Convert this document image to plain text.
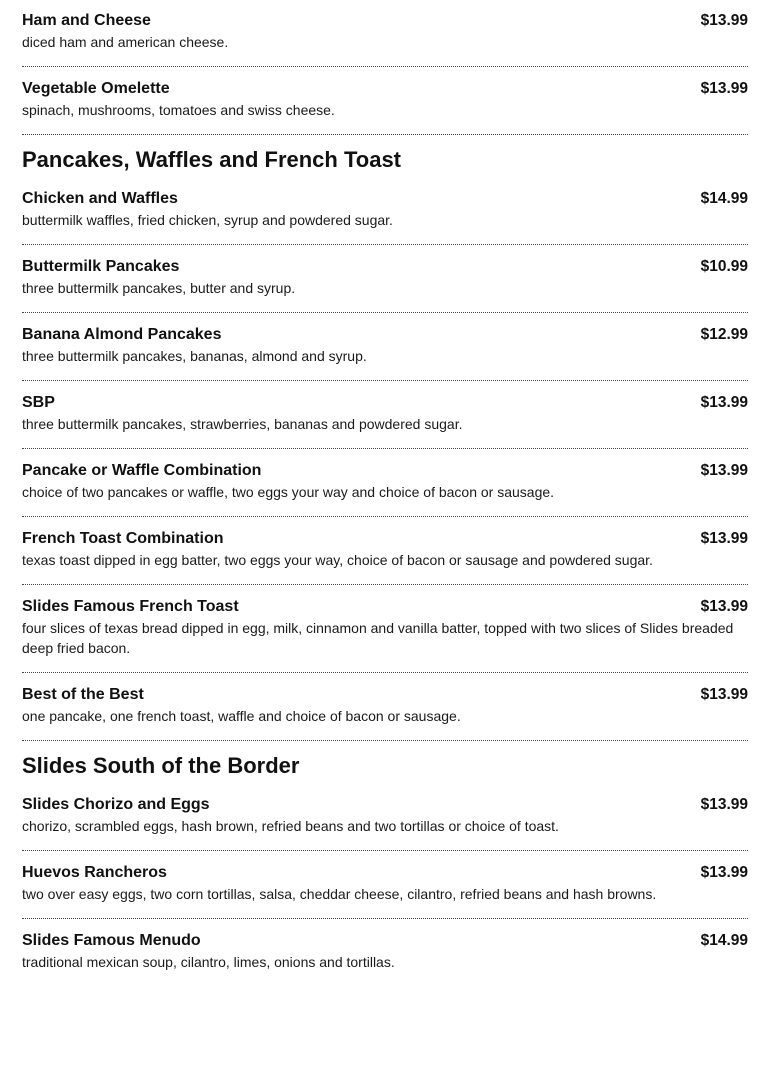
Ham and Cheese	$13.99
diced ham and american cheese.
Vegetable Omelette	$13.99
spinach, mushrooms, tomatoes and swiss cheese.
Pancakes, Waffles and French Toast
Chicken and Waffles	$14.99
buttermilk waffles, fried chicken, syrup and powdered sugar.
Buttermilk Pancakes	$10.99
three buttermilk pancakes, butter and syrup.
Banana Almond Pancakes	$12.99
three buttermilk pancakes, bananas, almond and syrup.
SBP	$13.99
three buttermilk pancakes, strawberries, bananas and powdered sugar.
Pancake or Waffle Combination	$13.99
choice of two pancakes or waffle, two eggs your way and choice of bacon or sausage.
French Toast Combination	$13.99
texas toast dipped in egg batter, two eggs your way, choice of bacon or sausage and powdered sugar.
Slides Famous French Toast	$13.99
four slices of texas bread dipped in egg, milk, cinnamon and vanilla batter, topped with two slices of Slides breaded deep fried bacon.
Best of the Best	$13.99
one pancake, one french toast, waffle and choice of bacon or sausage.
Slides South of the Border
Slides Chorizo and Eggs	$13.99
chorizo, scrambled eggs, hash brown, refried beans and two tortillas or choice of toast.
Huevos Rancheros	$13.99
two over easy eggs, two corn tortillas, salsa, cheddar cheese, cilantro, refried beans and hash browns.
Slides Famous Menudo	$14.99
traditional mexican soup, cilantro, limes, onions and tortillas.
